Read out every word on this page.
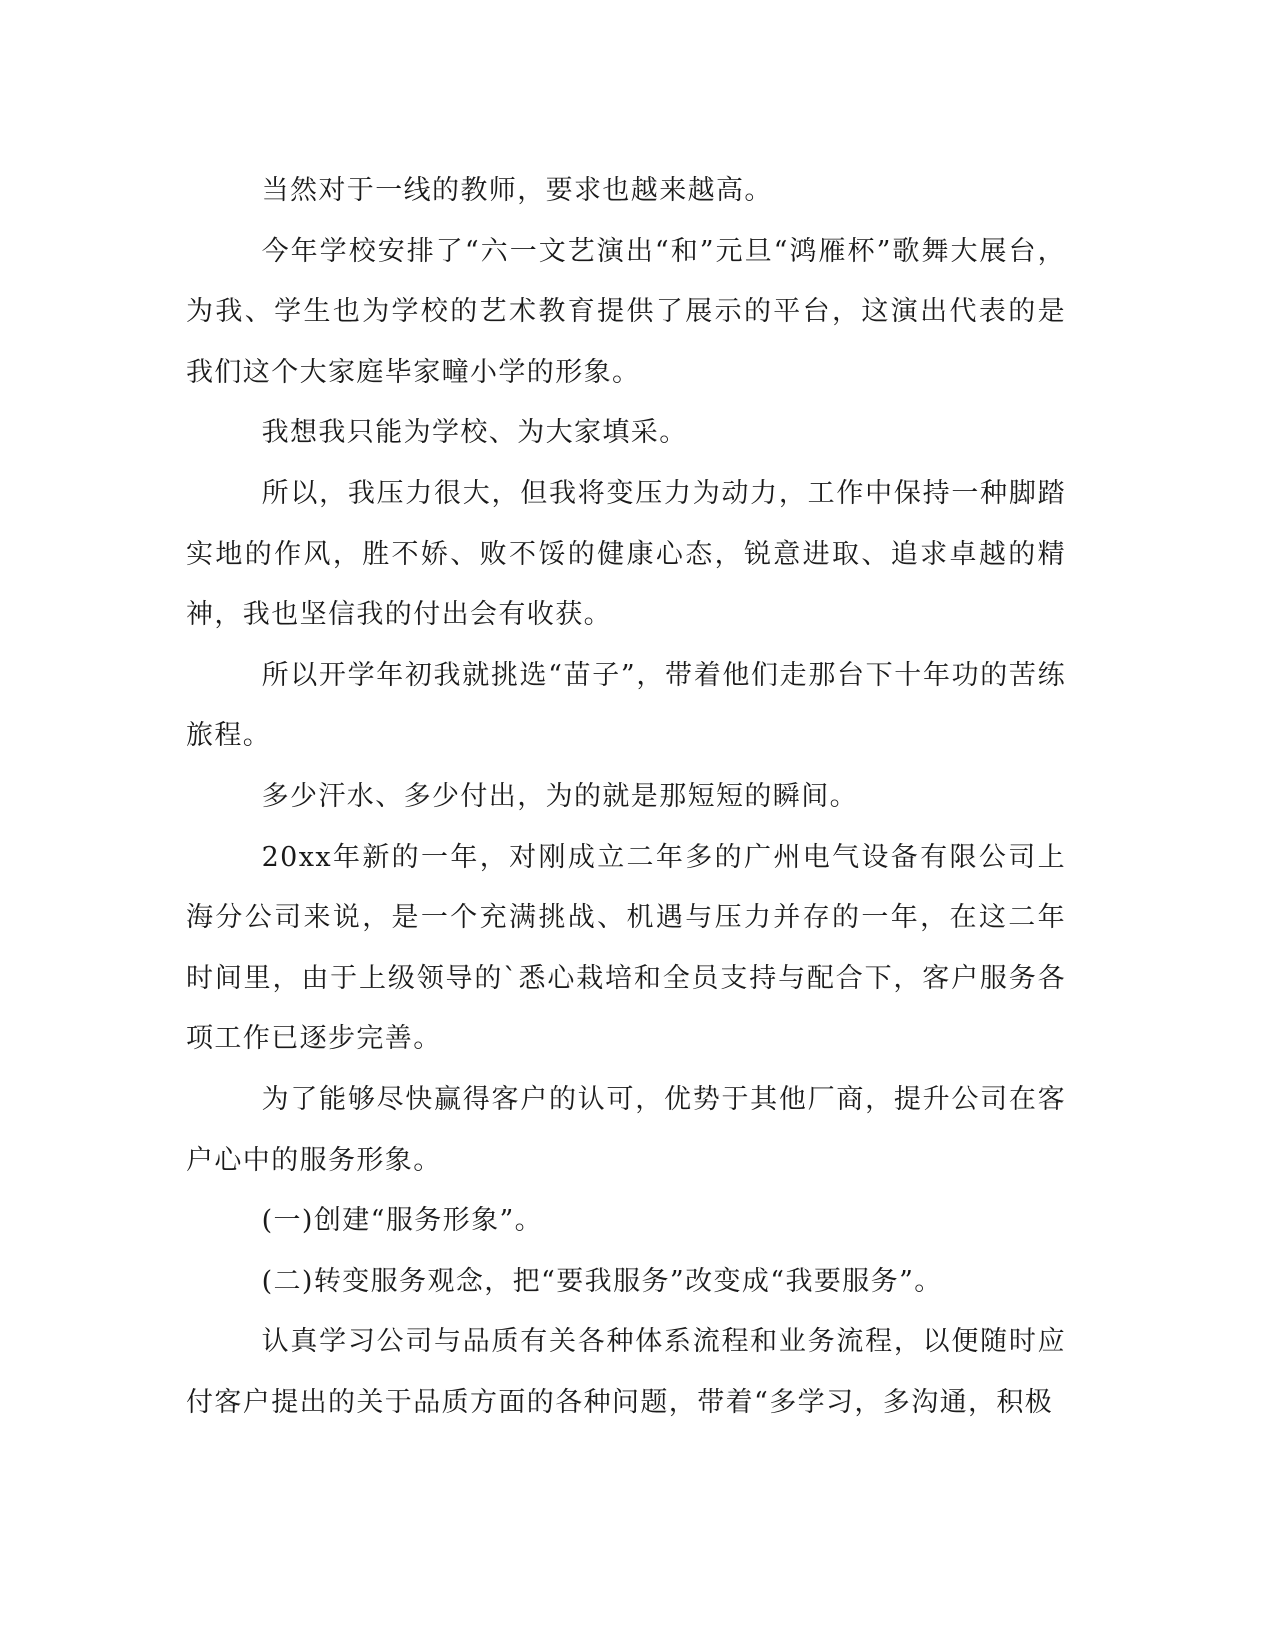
当然对于一线的教师，要求也越来越高。

今年学校安排了“六一文艺演出“和”元旦“鸿雁杯”歌舞大展台，为我、学生也为学校的艺术教育提供了展示的平台，这演出代表的是我们这个大家庭毕家疃小学的形象。

我想我只能为学校、为大家填采。

所以，我压力很大，但我将变压力为动力，工作中保持一种脚踏实地的作风，胜不娇、败不馁的健康心态，锐意进取、追求卓越的精神，我也坚信我的付出会有收获。

所以开学年初我就挑选“苗子”，带着他们走那台下十年功的苦练旅程。

多少汗水、多少付出，为的就是那短短的瞬间。

20xx年新的一年，对刚成立二年多的广州电气设备有限公司上海分公司来说，是一个充满挑战、机遇与压力并存的一年，在这二年时间里，由于上级领导的`悉心栽培和全员支持与配合下，客户服务各项工作已逐步完善。

为了能够尽快赢得客户的认可，优势于其他厂商，提升公司在客户心中的服务形象。

(一)创建“服务形象”。

(二)转变服务观念，把“要我服务”改变成“我要服务”。

认真学习公司与品质有关各种体系流程和业务流程，以便随时应付客户提出的关于品质方面的各种问题，带着“多学习，多沟通，积极
